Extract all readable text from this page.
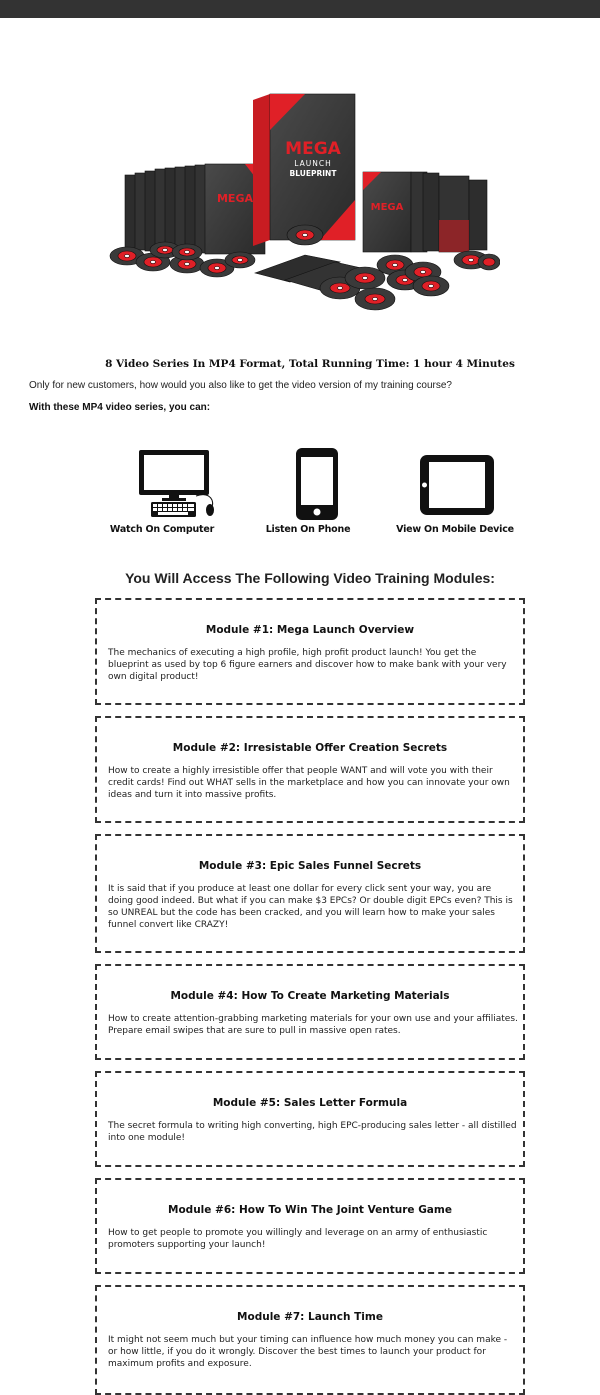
MEGA
MEGA
LAUNCH
BLUEPRINT
MEGA
8 Video Series In MP4 Format, Total Running Time: 1 hour 4 Minutes
Only for new customers, how would you also like to get the video version of my training course?
With these MP4 video series, you can:
Watch On Computer	Listen On Phone	View On Mobile Device
You Will Access The Following Video Training Modules:
Module #1: Mega Launch Overview
The mechanics of executing a high profile, high profit product launch! You get the blueprint as used by top 6 figure earners and discover how to make bank with your very own digital product!
Module #2: Irresistable Offer Creation Secrets
How to create a highly irresistible offer that people WANT and will vote you with their credit cards! Find out WHAT sells in the marketplace and how you can innovate your own ideas and turn it into massive profits.
Module #3: Epic Sales Funnel Secrets
It is said that if you produce at least one dollar for every click sent your way, you are doing good indeed. But what if you can make $3 EPCs? Or double digit EPCs even? This is so UNREAL but the code has been cracked, and you will learn how to make your sales funnel convert like CRAZY!
Module #4: How To Create Marketing Materials
How to create attention-grabbing marketing materials for your own use and your affiliates. Prepare email swipes that are sure to pull in massive open rates.
Module #5: Sales Letter Formula
The secret formula to writing high converting, high EPC-producing sales letter - all distilled into one module!
Module #6: How To Win The Joint Venture Game
How to get people to promote you willingly and leverage on an army of enthusiastic promoters supporting your launch!
Module #7: Launch Time
It might not seem much but your timing can influence how much money you can make - or how little, if you do it wrongly. Discover the best times to launch your product for maximum profits and exposure.
